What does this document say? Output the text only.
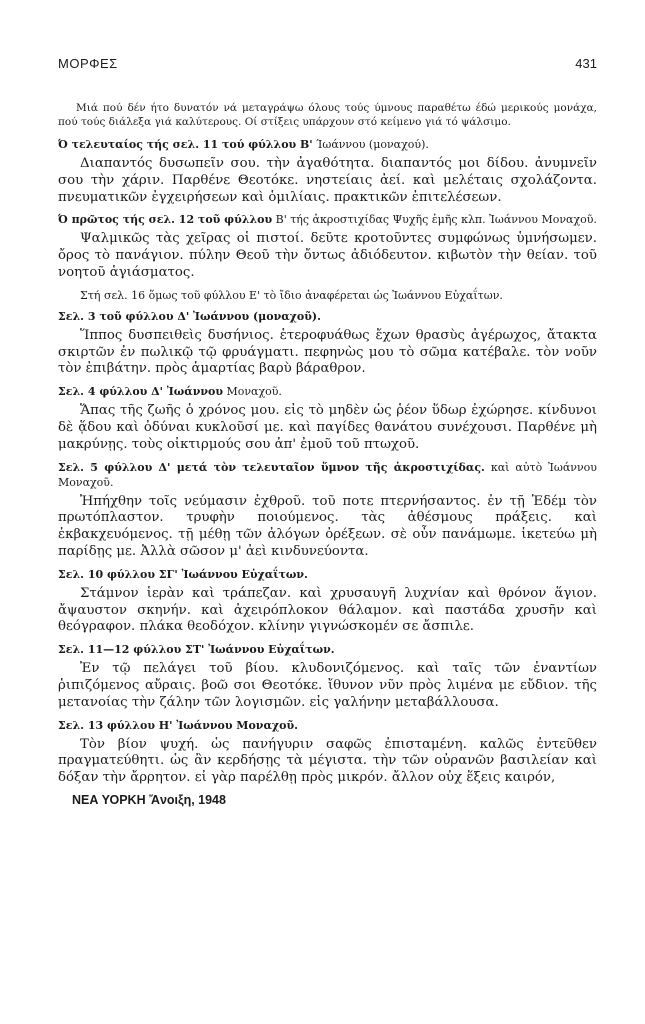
ΜΟΡΦΕΣ	431

Μιά πού δέν ήτο δυνατόν νά μεταγράψω όλους τούς ύμνους παραθέτω έδώ μερικούς μονάχα, πού τούς διάλεξα γιά καλύτερους. Οί στίξεις υπάρχουν στό κείμενο γιά τό ψάλσιμο.

Ό τελευταίος τής σελ. 11 τού φύλλου Β' Ίωάννου (μοναχού).

Διαπαντός δυσωπεῖν σου. τὴν ἀγαθότητα. διαπαντός μοι δίδου. ἀνυμνεῖν σου τὴν χάριν. Παρθένε Θεοτόκε. νηστείαις ἀεί. καὶ μελέταις σχολάζοντα. πνευματικῶν ἐγχειρήσεων καὶ ὁμιλίαις. πρακτικῶν ἐπιτελέσεων.

Ό πρῶτος τής σελ. 12 τοῦ φύλλου Β' τής ἀκροστιχίδας Ψυχῆς ἐμῆς κλπ. Ἰωάννου Μοναχοῦ.

Ψαλμικῶς τὰς χεῖρας οἱ πιστοί. δεῦτε κροτοῦντες συμφώνως ὑμνήσωμεν. ὄρος τὸ πανάγιον. πύλην Θεοῦ τὴν ὄντως ἀδιόδευτον. κιβωτὸν τὴν θείαν. τοῦ νοητοῦ ἁγιάσματος.

Στή σελ. 16 ὅμως τοῦ φύλλου Ε' τὸ ἴδιο ἀναφέρεται ὡς Ἰωάννου Εὐχαΐτων.

Σελ. 3 τοῦ φύλλου Δ' Ἰωάννου (μοναχοῦ).

Ἵππος δυσπειθεὶς δυσήνιος. ἑτεροφυάθως ἔχων θρασὺς ἀγέρωχος, ἄτακτα σκιρτῶν ἐν πωλικῷ τῷ φρυάγματι. πεφηνὼς μου τὸ σῶμα κατέβαλε. τὸν νοῦν τὸν ἐπιβάτην. πρὸς ἁμαρτίας βαρὺ βάραθρον.

Σελ. 4 φύλλου Δ' Ἰωάννου Μοναχοῦ.

Ἅπας τῆς ζωῆς ὁ χρόνος μου. εἰς τὸ μηδὲν ὡς ῥέον ὕδωρ ἐχώρησε. κίνδυνοι δὲ ᾅδου καὶ ὀδύναι κυκλοῦσί με. καὶ παγίδες θανάτου συνέχουσι. Παρθένε μὴ μακρύνῃς. τοὺς οἰκτιρμούς σου ἀπ' ἐμοῦ τοῦ πτωχοῦ.

Σελ. 5 φύλλου Δ' μετά τὸν τελευταῖον ὕμνον τῆς ἀκροστιχίδας. καὶ αὐτὸ Ἰωάννου Μοναχοῦ.

Ἠπήχθην τοῖς νεύμασιν ἐχθροῦ. τοῦ ποτε πτερνήσαντος. ἐν τῇ Ἐδέμ τὸν πρωτόπλαστον. τρυφὴν ποιούμενος. τὰς ἀθέσμους πράξεις. καὶ ἐκβακχευόμενος. τῇ μέθῃ τῶν ἀλόγων ὀρέξεων. σὲ οὖν πανάμωμε. ἱκετεύω μὴ παρίδῃς με. Ἀλλὰ σῶσον μ' ἀεὶ κινδυνεύοντα.

Σελ. 10 φύλλου ΣΓ' Ἰωάννου Εὐχαΐτων.

Στάμνον ἱερὰν καὶ τράπεζαν. καὶ χρυσαυγῆ λυχνίαν καὶ θρόνον ἅγιον. ἄψαυστον σκηνήν. καὶ ἀχειρόπλοκον θάλαμον. καὶ παστάδα χρυσῆν καὶ θεόγραφον. πλάκα θεοδόχον. κλίνην γιγνώσκομέν σε ἄσπιλε.

Σελ. 11—12 φύλλου ΣΤ' Ἰωάννου Εὐχαΐτων.

Ἐν τῷ πελάγει τοῦ βίου. κλυδονιζόμενος. καὶ ταῖς τῶν ἐναντίων ῥιπιζόμενος αὔραις. βοῶ σοι Θεοτόκε. ἴθυνον νῦν πρὸς λιμένα με εὔδιον. τῆς μετανοίας τὴν ζάλην τῶν λογισμῶν. εἰς γαλήνην μεταβάλλουσα.

Σελ. 13 φύλλου Η' Ἰωάννου Μοναχοῦ.

Τὸν βίον ψυχή. ὡς πανήγυριν σαφῶς ἐπισταμένη. καλῶς ἐντεῦθεν πραγματεύθητι. ὡς ἂν κερδήσῃς τὰ μέγιστα. τὴν τῶν οὐρανῶν βασιλείαν καὶ δόξαν τὴν ἄρρητον. εἰ γὰρ παρέλθῃ πρὸς μικρόν. ἄλλον οὐχ ἕξεις καιρόν,

ΝΕΑ ΥΟΡΚΗ Ἄνοιξη, 1948
